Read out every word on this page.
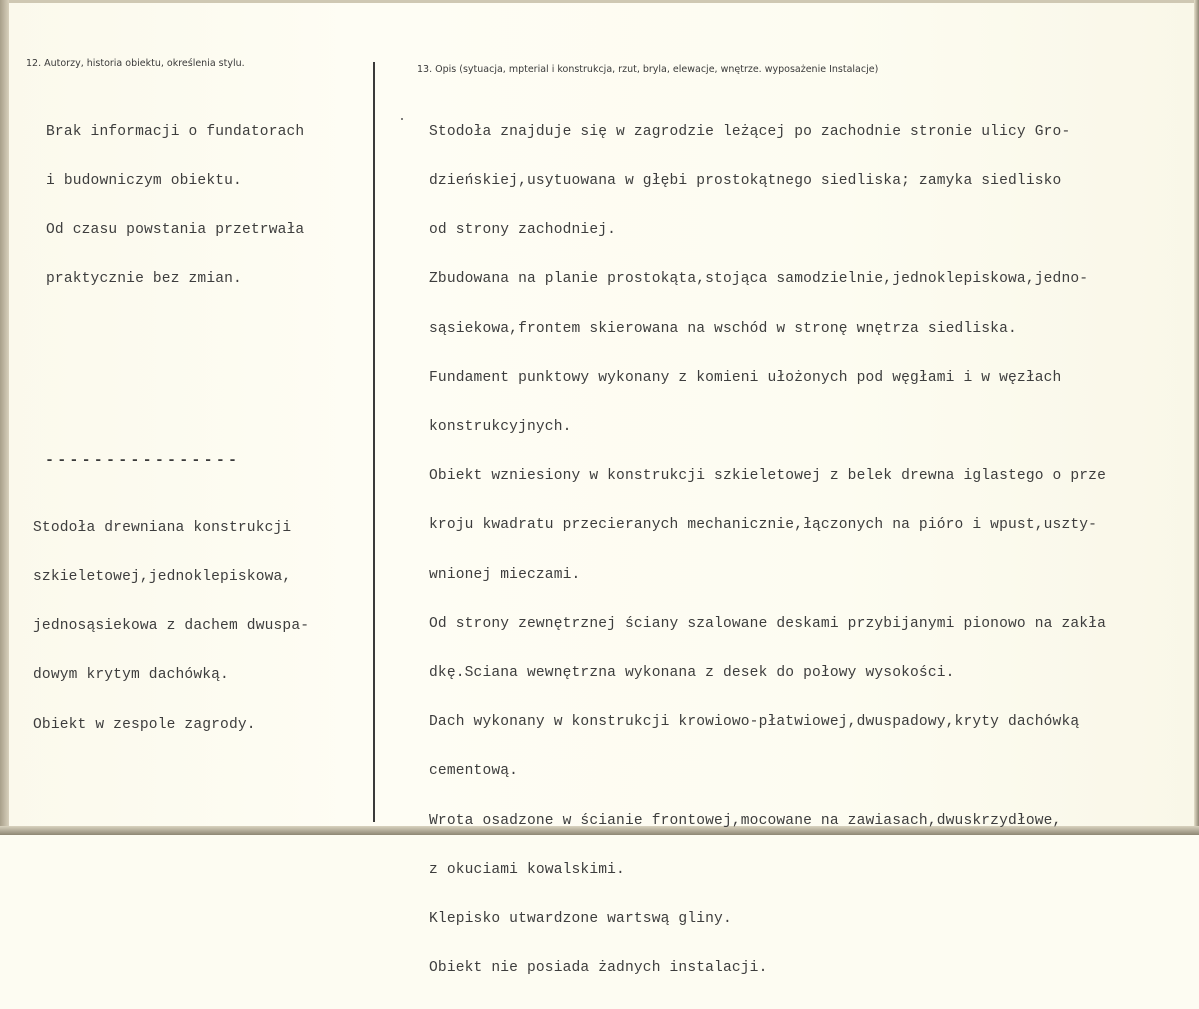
12. Autorzy, historia obiektu, określenia stylu.
13. Opis (sytuacja, mpterial i konstrukcja, rzut, bryla, elewacje, wnętrze. wyposażenie Instalacje)

Brak informacji o fundatorach

i budowniczym obiektu.

Od czasu powstania przetrwała

praktycznie bez zmian.

Stodoła znajduje się w zagrodzie leżącej po zachodnie stronie ulicy Gro-

dzieńskiej,usytuowana w głębi prostokątnego siedliska; zamyka siedlisko

od strony zachodniej.

Zbudowana na planie prostokąta,stojąca samodzielnie,jednoklepiskowa,jedno-

sąsiekowa,frontem skierowana na wschód w stronę wnętrza siedliska.

Fundament punktowy wykonany z komieni ułożonych pod węgłami i w węzłach

konstrukcyjnych.

Obiekt wzniesiony w konstrukcji szkieletowej z belek drewna iglastego o prze

kroju kwadratu przecieranych mechanicznie,łączonych na pióro i wpust,uszty-

wnionej mieczami.

Od strony zewnętrznej ściany szalowane deskami przybijanymi pionowo na zakła

dkę.Sciana wewnętrzna wykonana z desek do połowy wysokości.

Dach wykonany w konstrukcji krowiowo-płatwiowej,dwuspadowy,kryty dachówką

cementową.

Wrota osadzone w ścianie frontowej,mocowane na zawiasach,dwuskrzydłowe,

z okuciami kowalskimi.

Klepisko utwardzone wartswą gliny.

Obiekt nie posiada żadnych instalacji.

----------------

Stodoła drewniana konstrukcji

szkieletowej,jednoklepiskowa,

jednosąsiekowa z dachem dwuspa-

dowym krytym dachówką.

Obiekt w zespole zagrody.
